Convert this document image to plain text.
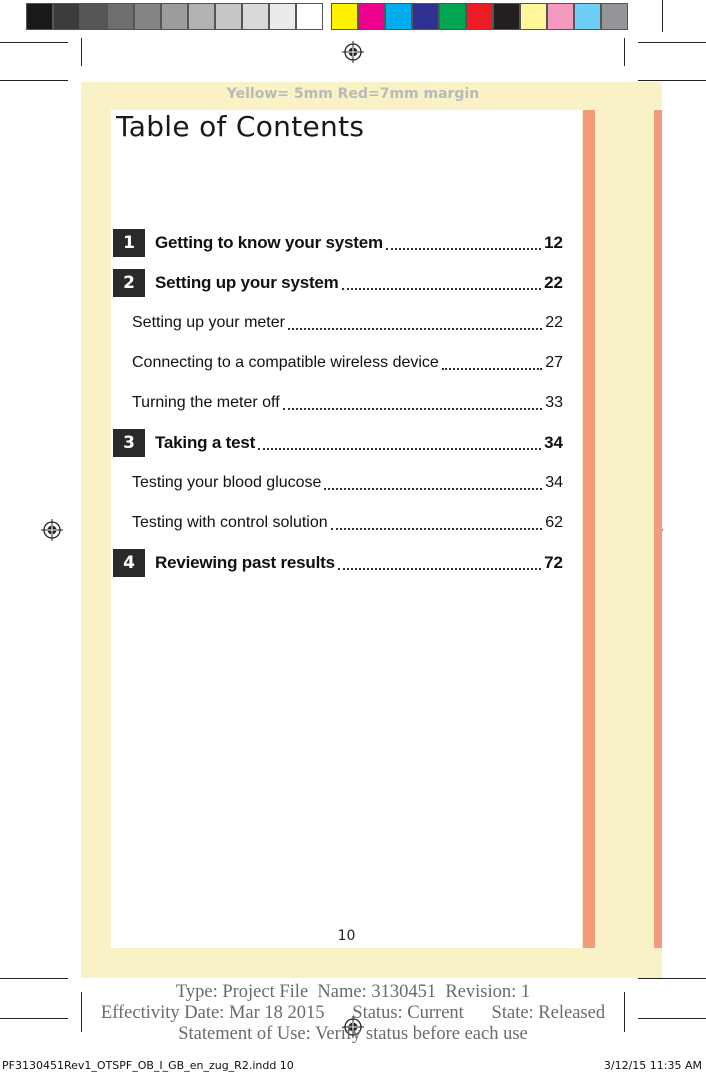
Yellow= 5mm Red=7mm margin
Table of Contents
1	Getting to know your system	12
2	Setting up your system	22
Setting up your meter	22
Connecting to a compatible wireless device	27
Turning the meter off	33
3	Taking a test	34
Testing your blood glucose	34
Testing with control solution	62
4	Reviewing past results	72
10
Type: Project File  Name: 3130451  Revision: 1
Effectivity Date: Mar 18 2015      Status: Current      State: Released
Statement of Use: Verify status before each use
PF3130451Rev1_OTSPF_OB_I_GB_en_zug_R2.indd 10	3/12/15 11:35 AM
